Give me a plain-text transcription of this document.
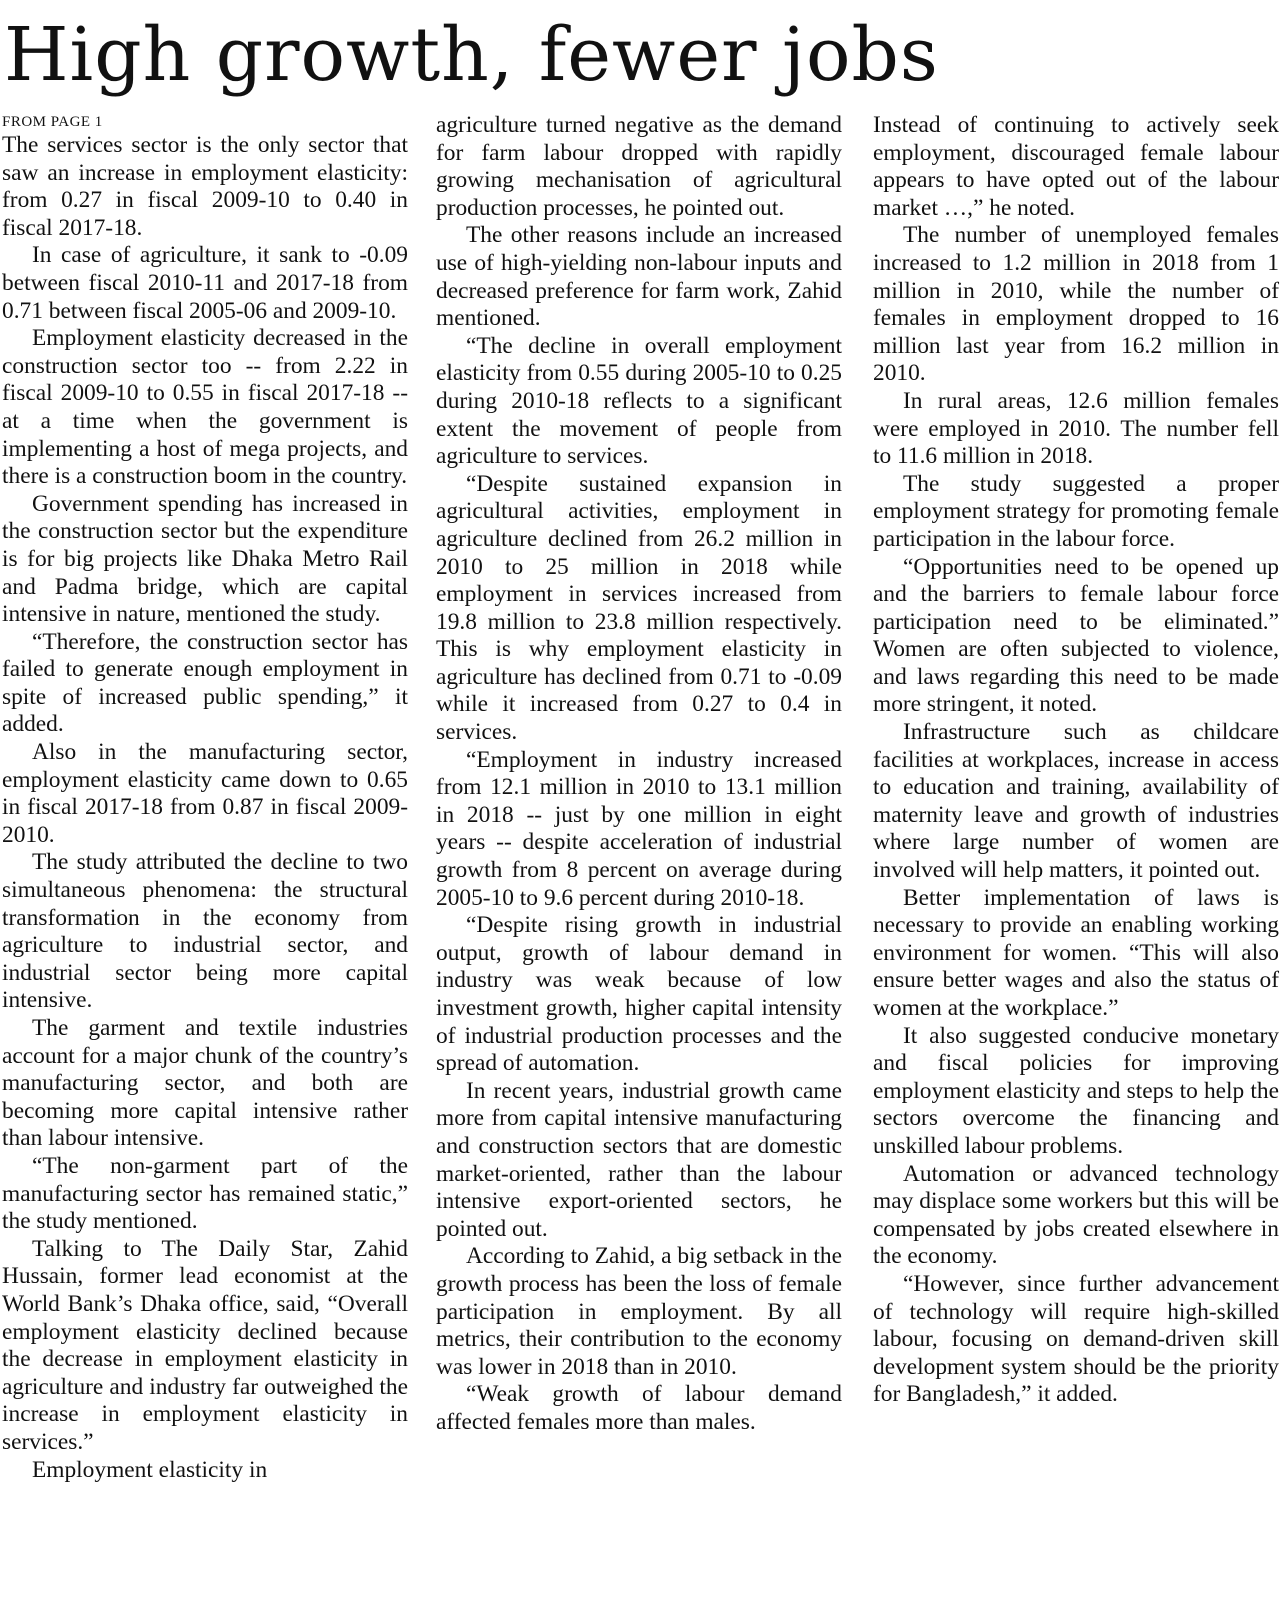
High growth, fewer jobs

FROM PAGE 1

The services sector is the only sector that saw an increase in employment elasticity: from 0.27 in fiscal 2009-10 to 0.40 in fiscal 2017-18.

In case of agriculture, it sank to -0.09 between fiscal 2010-11 and 2017-18 from 0.71 between fiscal 2005-06 and 2009-10.

Employment elasticity decreased in the construction sector too -- from 2.22 in fiscal 2009-10 to 0.55 in fiscal 2017-18 -- at a time when the government is implementing a host of mega projects, and there is a construction boom in the country.

Government spending has increased in the construction sector but the expenditure is for big projects like Dhaka Metro Rail and Padma bridge, which are capital intensive in nature, mentioned the study.

“Therefore, the construction sector has failed to generate enough employment in spite of increased public spending,” it added.

Also in the manufacturing sector, employment elasticity came down to 0.65 in fiscal 2017-18 from 0.87 in fiscal 2009-2010.

The study attributed the decline to two simultaneous phenomena: the structural transformation in the economy from agriculture to industrial sector, and industrial sector being more capital intensive.

The garment and textile industries account for a major chunk of the country’s manufacturing sector, and both are becoming more capital intensive rather than labour intensive.

“The non-garment part of the manufacturing sector has remained static,” the study mentioned.

Talking to The Daily Star, Zahid Hussain, former lead economist at the World Bank’s Dhaka office, said, “Overall employment elasticity declined because the decrease in employment elasticity in agriculture and industry far outweighed the increase in employment elasticity in services.”

Employment elasticity in

agriculture turned negative as the demand for farm labour dropped with rapidly growing mechanisation of agricultural production processes, he pointed out.

The other reasons include an increased use of high-yielding non-labour inputs and decreased preference for farm work, Zahid mentioned.

“The decline in overall employment elasticity from 0.55 during 2005-10 to 0.25 during 2010-18 reflects to a significant extent the movement of people from agriculture to services.

“Despite sustained expansion in agricultural activities, employment in agriculture declined from 26.2 million in 2010 to 25 million in 2018 while employment in services increased from 19.8 million to 23.8 million respectively. This is why employment elasticity in agriculture has declined from 0.71 to -0.09 while it increased from 0.27 to 0.4 in services.

“Employment in industry increased from 12.1 million in 2010 to 13.1 million in 2018 -- just by one million in eight years -- despite acceleration of industrial growth from 8 percent on average during 2005-10 to 9.6 percent during 2010-18.

“Despite rising growth in industrial output, growth of labour demand in industry was weak because of low investment growth, higher capital intensity of industrial production processes and the spread of automation.

In recent years, industrial growth came more from capital intensive manufacturing and construction sectors that are domestic market-oriented, rather than the labour intensive export-oriented sectors, he pointed out.

According to Zahid, a big setback in the growth process has been the loss of female participation in employment. By all metrics, their contribution to the economy was lower in 2018 than in 2010.

“Weak growth of labour demand affected females more than males.

Instead of continuing to actively seek employment, discouraged female labour appears to have opted out of the labour market …,” he noted.

The number of unemployed females increased to 1.2 million in 2018 from 1 million in 2010, while the number of females in employment dropped to 16 million last year from 16.2 million in 2010.

In rural areas, 12.6 million females were employed in 2010. The number fell to 11.6 million in 2018.

The study suggested a proper employment strategy for promoting female participation in the labour force.

“Opportunities need to be opened up and the barriers to female labour force participation need to be eliminated.” Women are often subjected to violence, and laws regarding this need to be made more stringent, it noted.

Infrastructure such as childcare facilities at workplaces, increase in access to education and training, availability of maternity leave and growth of industries where large number of women are involved will help matters, it pointed out.

Better implementation of laws is necessary to provide an enabling working environment for women. “This will also ensure better wages and also the status of women at the workplace.”

It also suggested conducive monetary and fiscal policies for improving employment elasticity and steps to help the sectors overcome the financing and unskilled labour problems.

Automation or advanced technology may displace some workers but this will be compensated by jobs created elsewhere in the economy.

“However, since further advancement of technology will require high-skilled labour, focusing on demand-driven skill development system should be the priority for Bangladesh,” it added.
